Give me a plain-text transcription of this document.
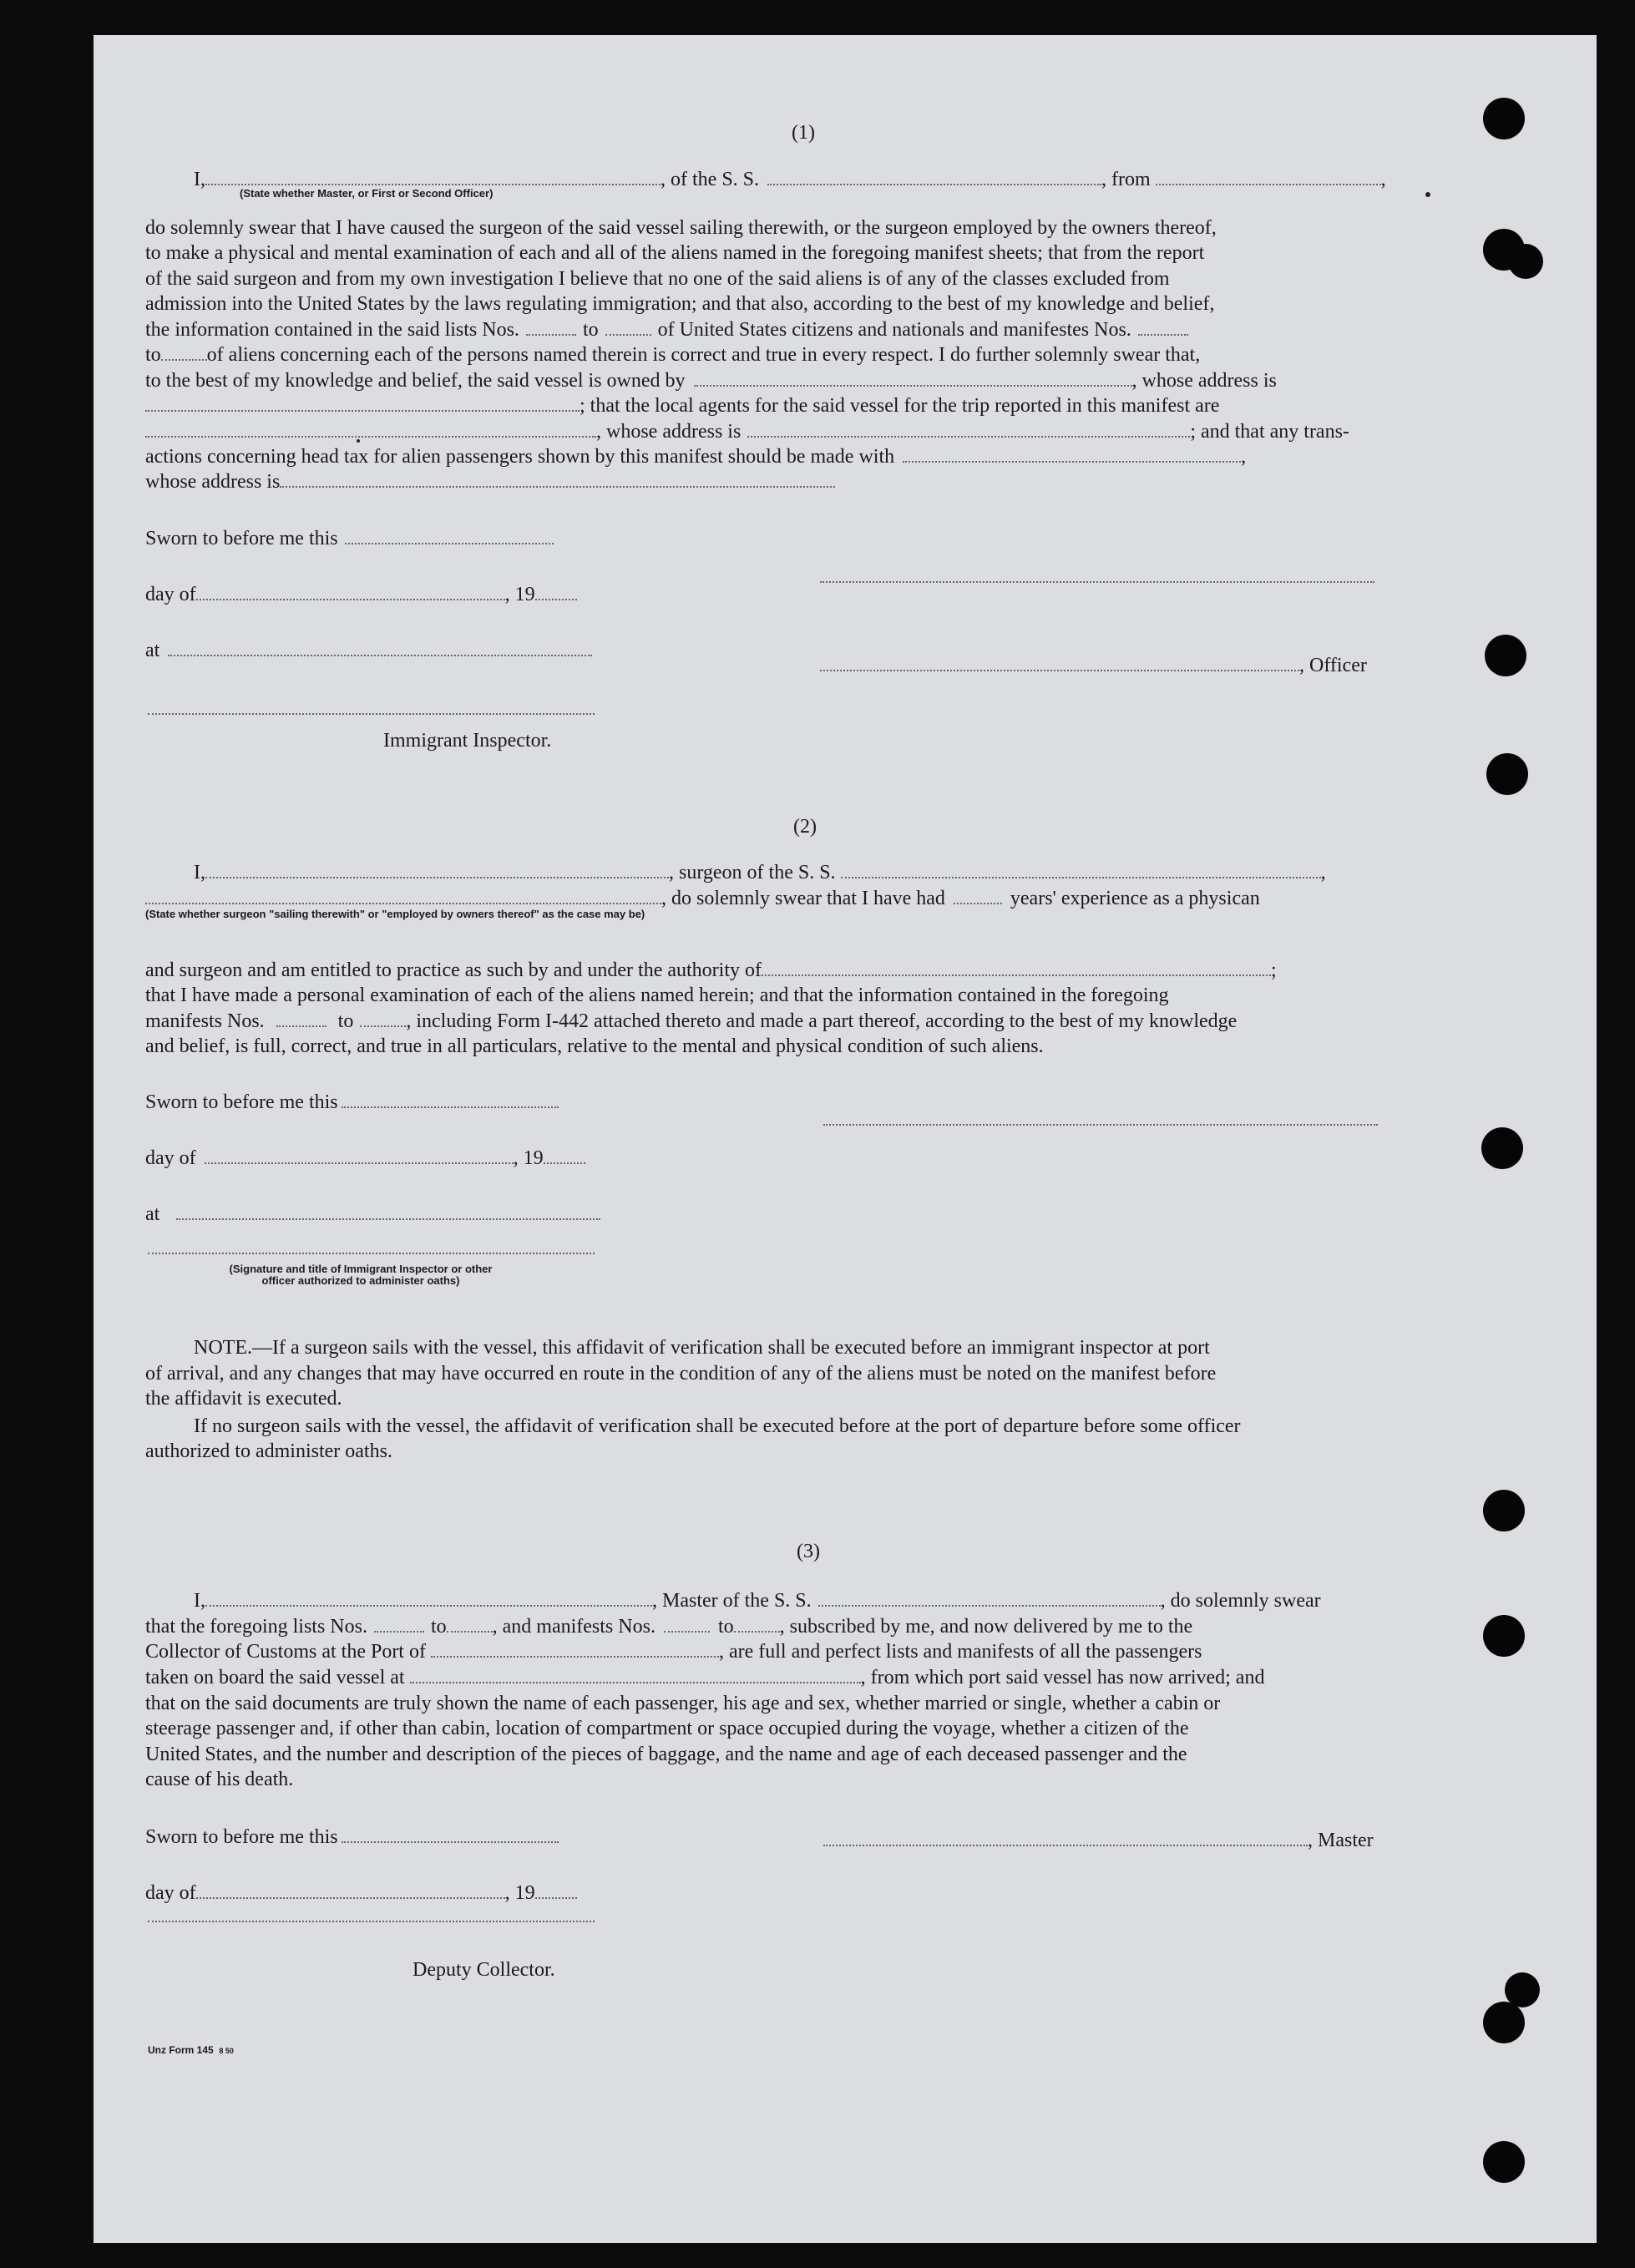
(1)
I,	, of the S. S.	, from	,
(State whether Master, or First or Second Officer)
do solemnly swear that I have caused the surgeon of the said vessel sailing therewith, or the surgeon employed by the owners thereof,
to make a physical and mental examination of each and all of the aliens named in the foregoing manifest sheets; that from the report
of the said surgeon and from my own investigation I believe that no one of the said aliens is of any of the classes excluded from
admission into the United States by the laws regulating immigration; and that also, according to the best of my knowledge and belief,
the information contained in the said lists Nos.	to	of United States citizens and nationals and manifestes Nos.
to of aliens concerning each of the persons named therein is correct and true in every respect. I do further solemnly swear that,
to the best of my knowledge and belief, the said vessel is owned by	, whose address is
; that the local agents for the said vessel for the trip reported in this manifest are
, whose address is	; and that any trans-
actions concerning head tax for alien passengers shown by this manifest should be made with	,
whose address is
Sworn to before me this
day of	, 19
at
, Officer
Immigrant Inspector.
(2)
I,	, surgeon of the S. S.	,
, do solemnly swear that I have had	years' experience as a physican
(State whether surgeon "sailing therewith" or "employed by owners thereof" as the case may be)
and surgeon and am entitled to practice as such by and under the authority of	;
that I have made a personal examination of each of the aliens named herein; and that the information contained in the foregoing
manifests Nos.	to	, including Form I-442 attached thereto and made a part thereof, according to the best of my knowledge
and belief, is full, correct, and true in all particulars, relative to the mental and physical condition of such aliens.
Sworn to before me this
day of	, 19
at
(Signature and title of Immigrant Inspector or other
officer authorized to administer oaths)
NOTE.—If a surgeon sails with the vessel, this affidavit of verification shall be executed before an immigrant inspector at port
of arrival, and any changes that may have occurred en route in the condition of any of the aliens must be noted on the manifest before
the affidavit is executed.
If no surgeon sails with the vessel, the affidavit of verification shall be executed before at the port of departure before some officer
authorized to administer oaths.
(3)
I,	, Master of the S. S.	, do solemnly swear
that the foregoing lists Nos.	to , and manifests Nos.	to , subscribed by me, and now delivered by me to the
Collector of Customs at the Port of	, are full and perfect lists and manifests of all the passengers
taken on board the said vessel at	, from which port said vessel has now arrived; and
that on the said documents are truly shown the name of each passenger, his age and sex, whether married or single, whether a cabin or
steerage passenger and, if other than cabin, location of compartment or space occupied during the voyage, whether a citizen of the
United States, and the number and description of the pieces of baggage, and the name and age of each deceased passenger and the
cause of his death.
Sworn to before me this	, Master
day of	, 19
Deputy Collector.
Unz Form 145 8 50
